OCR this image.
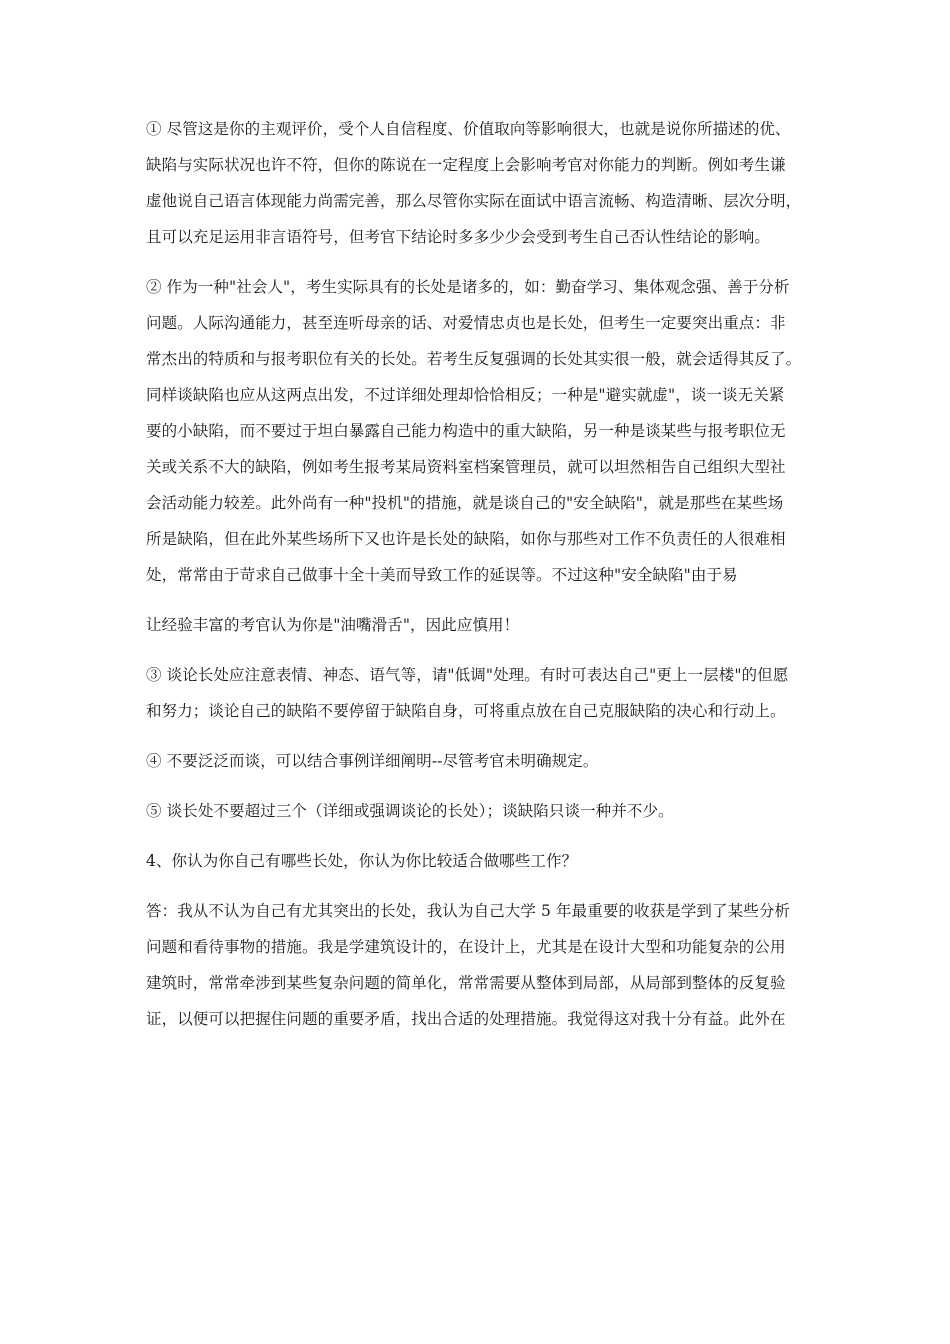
① 尽管这是你的主观评价，受个人自信程度、价值取向等影响很大，也就是说你所描述的优、
缺陷与实际状况也许不符，但你的陈说在一定程度上会影响考官对你能力的判断。例如考生谦
虚他说自己语言体现能力尚需完善，那么尽管你实际在面试中语言流畅、构造清晰、层次分明，
且可以充足运用非言语符号，但考官下结论时多多少少会受到考生自己否认性结论的影响。
② 作为一种"社会人"，考生实际具有的长处是诸多的，如：勤奋学习、集体观念强、善于分析
问题。人际沟通能力，甚至连听母亲的话、对爱情忠贞也是长处，但考生一定要突出重点：非
常杰出的特质和与报考职位有关的长处。若考生反复强调的长处其实很一般，就会适得其反了。
同样谈缺陷也应从这两点出发，不过详细处理却恰恰相反；一种是"避实就虚"，谈一谈无关紧
要的小缺陷，而不要过于坦白暴露自己能力构造中的重大缺陷，另一种是谈某些与报考职位无
关或关系不大的缺陷，例如考生报考某局资料室档案管理员，就可以坦然相告自己组织大型社
会活动能力较差。此外尚有一种"投机"的措施，就是谈自己的"安全缺陷"，就是那些在某些场
所是缺陷，但在此外某些场所下又也许是长处的缺陷，如你与那些对工作不负责任的人很难相
处，常常由于苛求自己做事十全十美而导致工作的延误等。不过这种"安全缺陷"由于易
让经验丰富的考官认为你是"油嘴滑舌"，因此应慎用！
③ 谈论长处应注意表情、神态、语气等，请"低调"处理。有时可表达自己"更上一层楼"的但愿
和努力；谈论自己的缺陷不要停留于缺陷自身，可将重点放在自己克服缺陷的决心和行动上。
④ 不要泛泛而谈，可以结合事例详细阐明--尽管考官未明确规定。
⑤ 谈长处不要超过三个（详细或强调谈论的长处）；谈缺陷只谈一种并不少。
4、你认为你自己有哪些长处，你认为你比较适合做哪些工作？
答：我从不认为自己有尤其突出的长处，我认为自己大学 5 年最重要的收获是学到了某些分析
问题和看待事物的措施。我是学建筑设计的，在设计上，尤其是在设计大型和功能复杂的公用
建筑时，常常牵涉到某些复杂问题的简单化，常常需要从整体到局部，从局部到整体的反复验
证，以便可以把握住问题的重要矛盾，找出合适的处理措施。我觉得这对我十分有益。此外在
